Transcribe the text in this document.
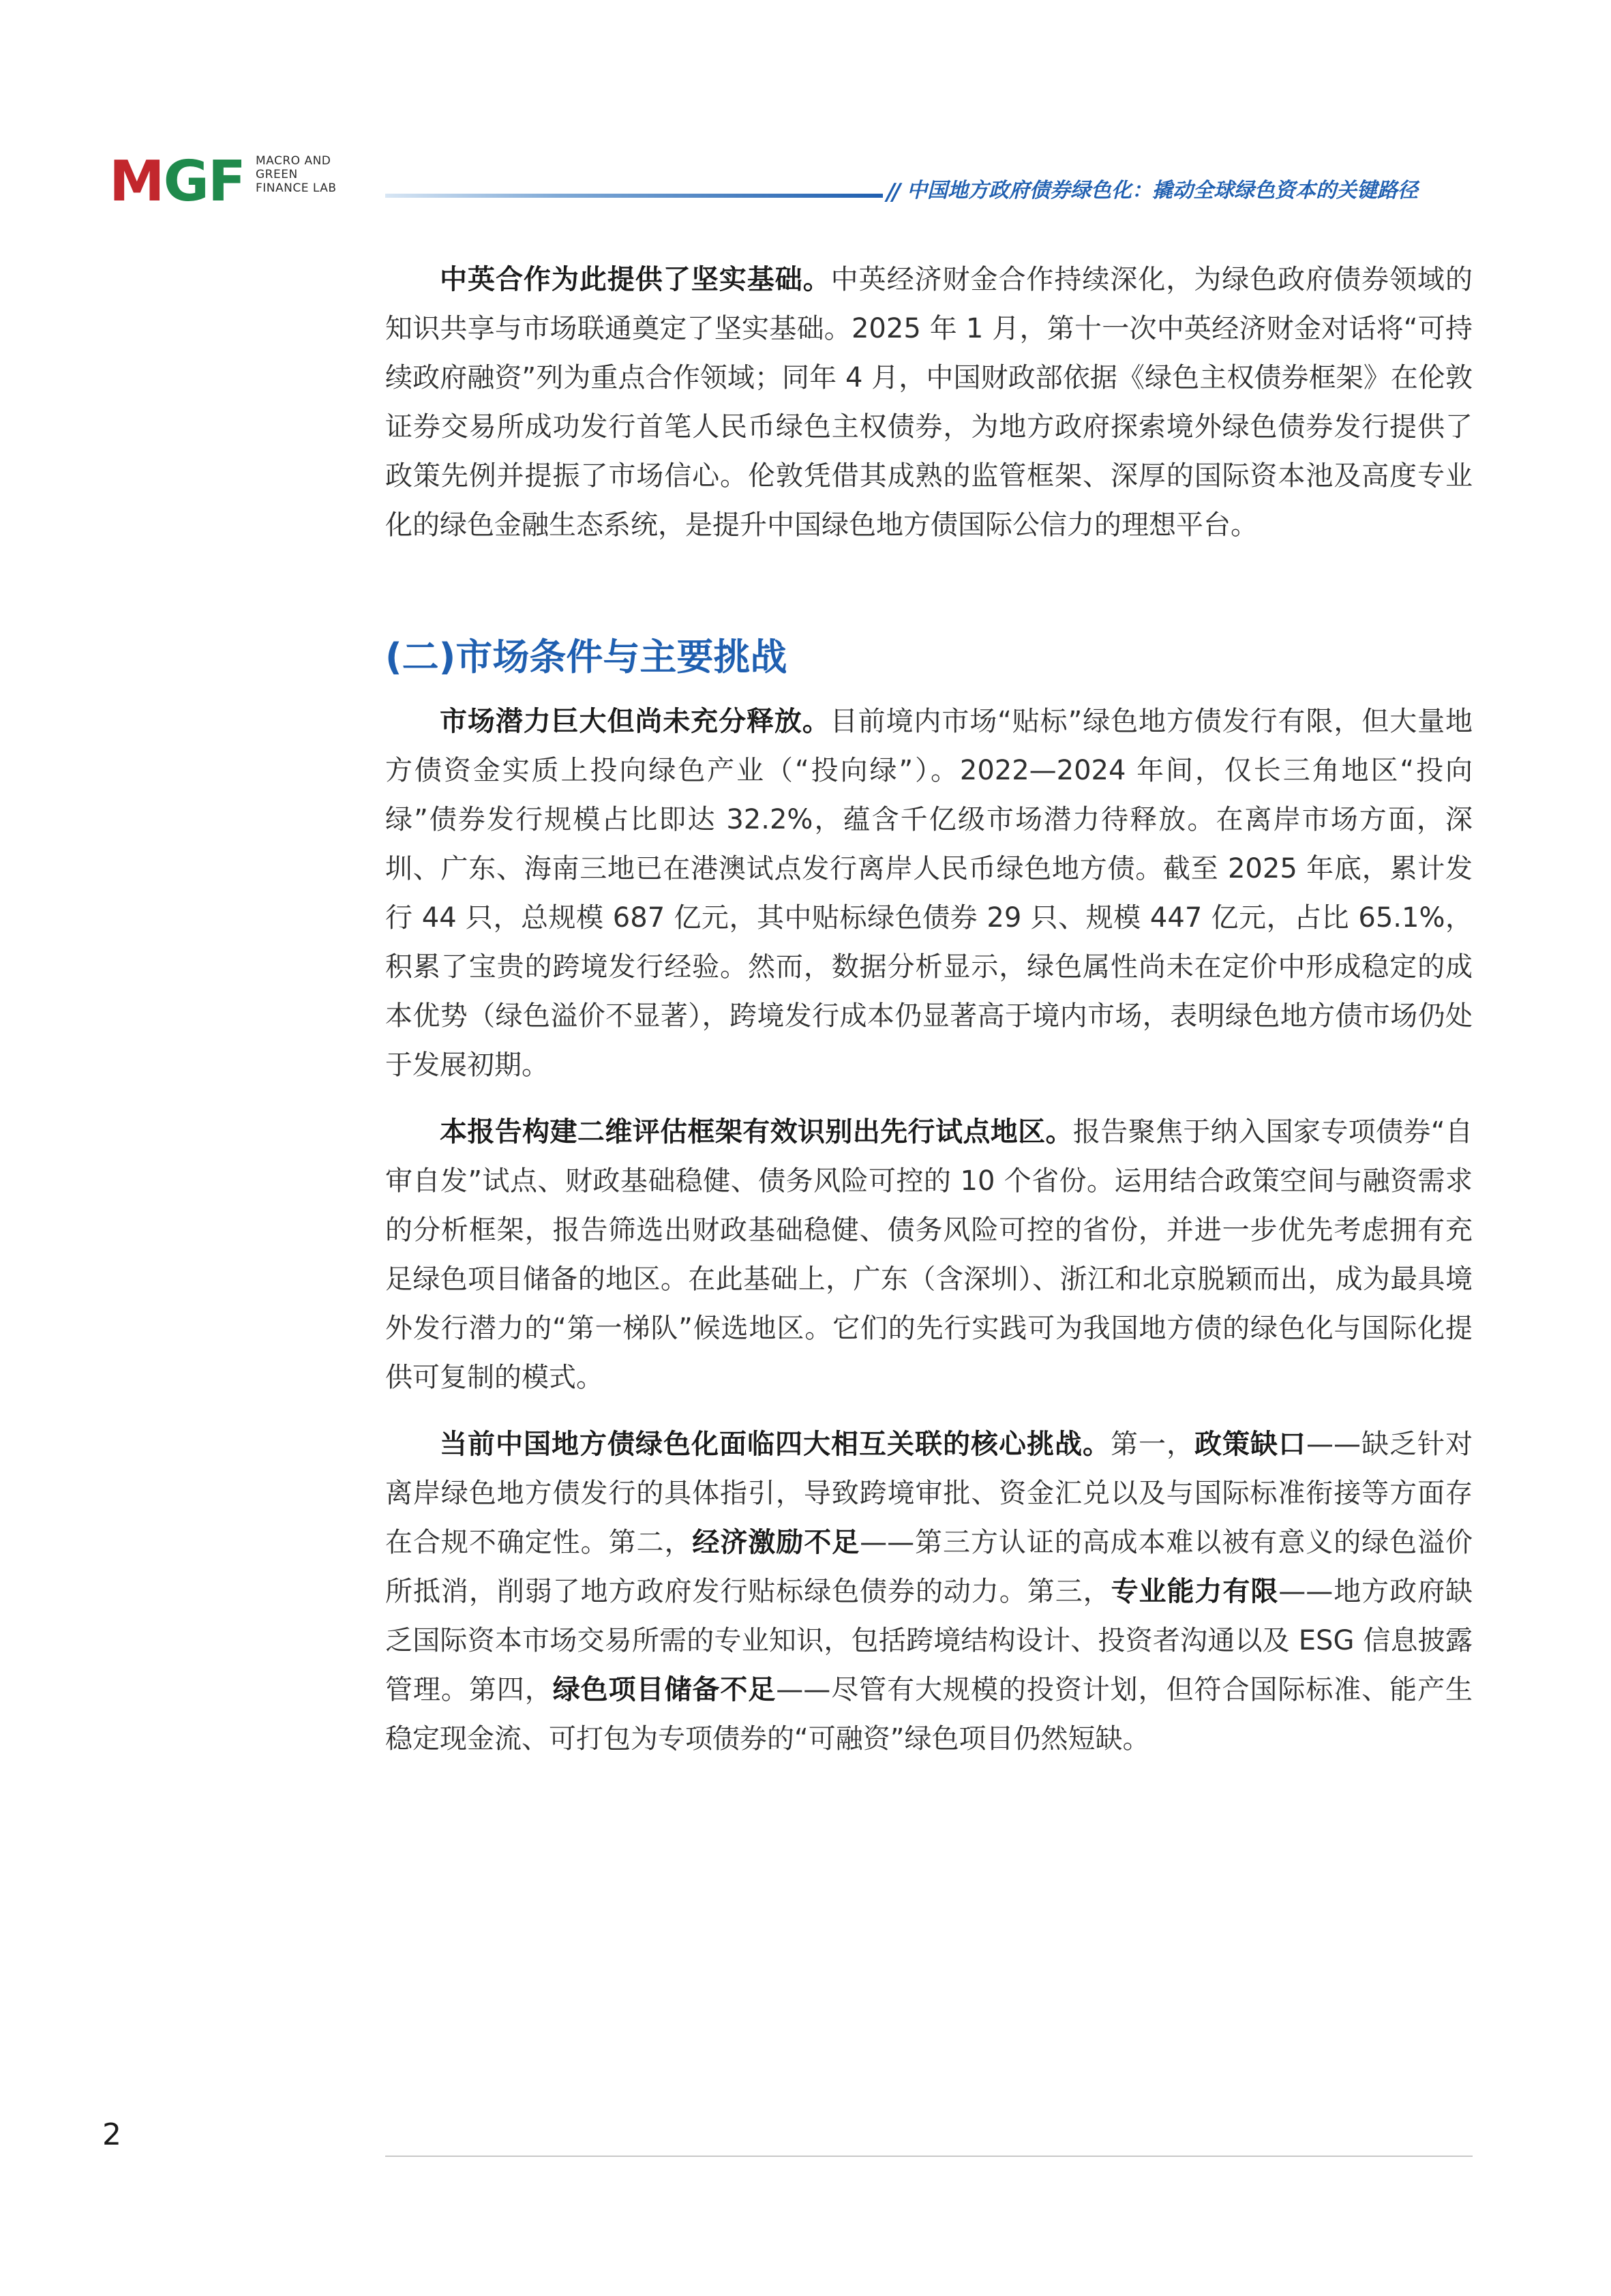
M GF MACRO AND
GREEN
FINANCE LAB	// 中国地方政府债券绿色化：撬动全球绿色资本的关键路径

中英合作为此提供了坚实基础。中英经济财金合作持续深化，为绿色政府债券领域的知识共享与市场联通奠定了坚实基础。2025 年 1 月，第十一次中英经济财金对话将“可持续政府融资”列为重点合作领域；同年 4 月，中国财政部依据《绿色主权债券框架》在伦敦证券交易所成功发行首笔人民币绿色主权债券，为地方政府探索境外绿色债券发行提供了政策先例并提振了市场信心。伦敦凭借其成熟的监管框架、深厚的国际资本池及高度专业化的绿色金融生态系统，是提升中国绿色地方债国际公信力的理想平台。

(二)市场条件与主要挑战

市场潜力巨大但尚未充分释放。目前境内市场“贴标”绿色地方债发行有限，但大量地方债资金实质上投向绿色产业（“投向绿”）。2022—2024 年间，仅长三角地区“投向绿”债券发行规模占比即达 32.2%，蕴含千亿级市场潜力待释放。在离岸市场方面，深圳、广东、海南三地已在港澳试点发行离岸人民币绿色地方债。截至 2025 年底，累计发行 44 只，总规模 687 亿元，其中贴标绿色债券 29 只、规模 447 亿元，占比 65.1%，积累了宝贵的跨境发行经验。然而，数据分析显示，绿色属性尚未在定价中形成稳定的成本优势（绿色溢价不显著），跨境发行成本仍显著高于境内市场，表明绿色地方债市场仍处于发展初期。

本报告构建二维评估框架有效识别出先行试点地区。报告聚焦于纳入国家专项债券“自审自发”试点、财政基础稳健、债务风险可控的 10 个省份。运用结合政策空间与融资需求的分析框架，报告筛选出财政基础稳健、债务风险可控的省份，并进一步优先考虑拥有充足绿色项目储备的地区。在此基础上，广东（含深圳）、浙江和北京脱颖而出，成为最具境外发行潜力的“第一梯队”候选地区。它们的先行实践可为我国地方债的绿色化与国际化提供可复制的模式。

当前中国地方债绿色化面临四大相互关联的核心挑战。第一，政策缺口——缺乏针对离岸绿色地方债发行的具体指引，导致跨境审批、资金汇兑以及与国际标准衔接等方面存在合规不确定性。第二，经济激励不足——第三方认证的高成本难以被有意义的绿色溢价所抵消，削弱了地方政府发行贴标绿色债券的动力。第三，专业能力有限——地方政府缺乏国际资本市场交易所需的专业知识，包括跨境结构设计、投资者沟通以及 ESG 信息披露管理。第四，绿色项目储备不足——尽管有大规模的投资计划，但符合国际标准、能产生稳定现金流、可打包为专项债券的“可融资”绿色项目仍然短缺。

2
